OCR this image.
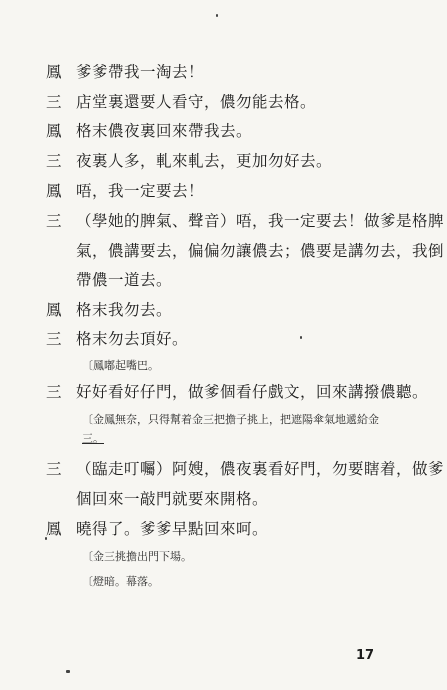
鳳 爹爹帶我一淘去！
三 店堂裏還要人看守，儂勿能去格。
鳳 格末儂夜裏回來帶我去。
三 夜裏人多，軋來軋去，更加勿好去。
鳳 唔，我一定要去！
三 （學她的脾氣、聲音）唔，我一定要去！做爹是格脾
氣，儂講要去，偏偏勿讓儂去；儂要是講勿去，我倒
帶儂一道去。
鳳 格末我勿去。
三 格末勿去頂好。
〔鳳嘟起嘴巴。
三 好好看好仔門，做爹個看仔戲文，回來講撥儂聽。
〔金鳳無奈，只得幫着金三把擔子挑上，把遮陽傘氣地遞給金
三。
三 （臨走叮囑）阿嫂，儂夜裏看好門，勿要瞎着，做爹
個回來一敲門就要來開格。
鳳 曉得了。爹爹早點回來呵。
〔金三挑擔出門下場。
〔燈暗。幕落。
17
